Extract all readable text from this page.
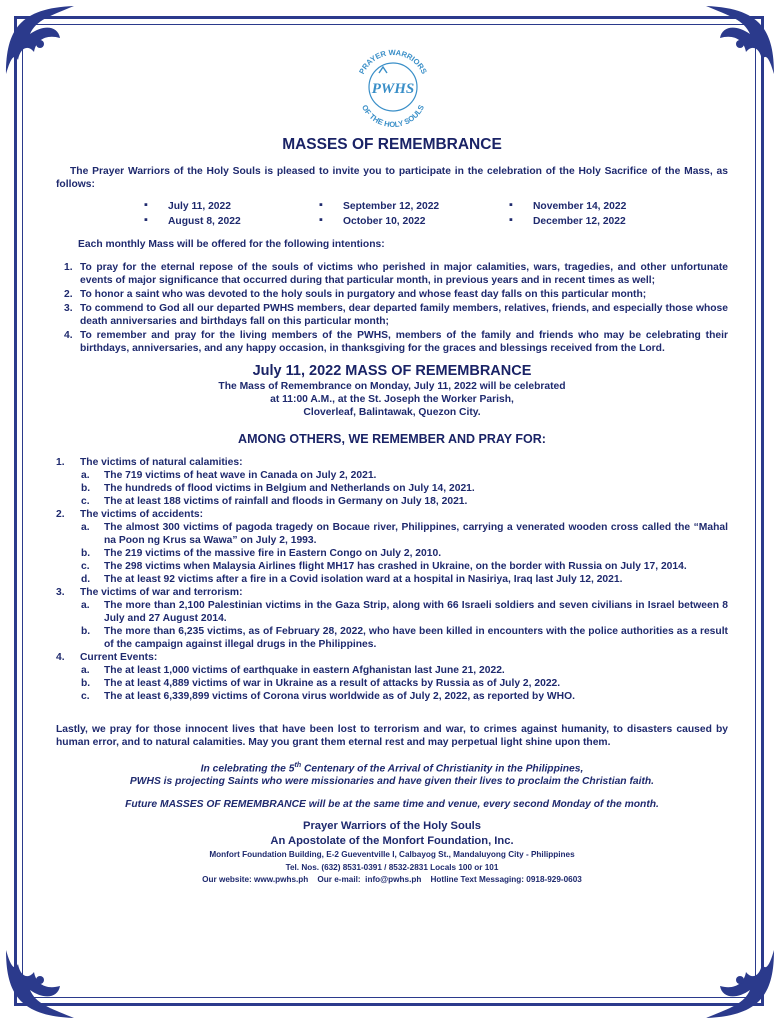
PRAYER WARRIORS
OF THE HOLY SOULS
PWHS
MASSES OF REMEMBRANCE

The Prayer Warriors of the Holy Souls is pleased to invite you to participate in the celebration of the Holy Sacrifice of the Mass, as follows:

▪ July 11, 2022	▪ September 12, 2022	▪ November 14, 2022
▪ August 8, 2022	▪ October 10, 2022	▪ December 12, 2022
Each monthly Mass will be offered for the following intentions:
1. To pray for the eternal repose of the souls of victims who perished in major calamities, wars, tragedies, and other unfortunate events of major significance that occurred during that particular month, in previous years and in recent times as well;
2. To honor a saint who was devoted to the holy souls in purgatory and whose feast day falls on this particular month;
3. To commend to God all our departed PWHS members, dear departed family members, relatives, friends, and especially those whose death anniversaries and birthdays fall on this particular month;
4. To remember and pray for the living members of the PWHS, members of the family and friends who may be celebrating their birthdays, anniversaries, and any happy occasion, in thanksgiving for the graces and blessings received from the Lord.
July 11, 2022 MASS OF REMEMBRANCE
The Mass of Remembrance on Monday, July 11, 2022 will be celebrated
at 11:00 A.M., at the St. Joseph the Worker Parish,
Cloverleaf, Balintawak, Quezon City.
AMONG OTHERS, WE REMEMBER AND PRAY FOR:
1. The victims of natural calamities:
a. The 719 victims of heat wave in Canada on July 2, 2021.
b. The hundreds of flood victims in Belgium and Netherlands on July 14, 2021.
c. The at least 188 victims of rainfall and floods in Germany on July 18, 2021.
2. The victims of accidents:
a. The almost 300 victims of pagoda tragedy on Bocaue river, Philippines, carrying a venerated wooden cross called the “Mahal na Poon ng Krus sa Wawa” on July 2, 1993.
b. The 219 victims of the massive fire in Eastern Congo on July 2, 2010.
c. The 298 victims when Malaysia Airlines flight MH17 has crashed in Ukraine, on the border with Russia on July 17, 2014.
d. The at least 92 victims after a fire in a Covid isolation ward at a hospital in Nasiriya, Iraq last July 12, 2021.
3. The victims of war and terrorism:
a. The more than 2,100 Palestinian victims in the Gaza Strip, along with 66 Israeli soldiers and seven civilians in Israel between 8 July and 27 August 2014.
b. The more than 6,235 victims, as of February 28, 2022, who have been killed in encounters with the police authorities as a result of the campaign against illegal drugs in the Philippines.
4. Current Events:
a. The at least 1,000 victims of earthquake in eastern Afghanistan last June 21, 2022.
b. The at least 4,889 victims of war in Ukraine as a result of attacks by Russia as of July 2, 2022.
c. The at least 6,339,899 victims of Corona virus worldwide as of July 2, 2022, as reported by WHO.

Lastly, we pray for those innocent lives that have been lost to terrorism and war, to crimes against humanity, to disasters caused by human error, and to natural calamities. May you grant them eternal rest and may perpetual light shine upon them.

In celebrating the 5th Centenary of the Arrival of Christianity in the Philippines,
PWHS is projecting Saints who were missionaries and have given their lives to proclaim the Christian faith.
Future MASSES OF REMEMBRANCE will be at the same time and venue, every second Monday of the month.
Prayer Warriors of the Holy Souls
An Apostolate of the Monfort Foundation, Inc.
Monfort Foundation Building, E-2 Gueventville I, Calbayog St., Mandaluyong City - Philippines
Tel. Nos. (632) 8531-0391 / 8532-2831 Locals 100 or 101
Our website: www.pwhs.ph    Our e-mail:  info@pwhs.ph    Hotline Text Messaging: 0918-929-0603
